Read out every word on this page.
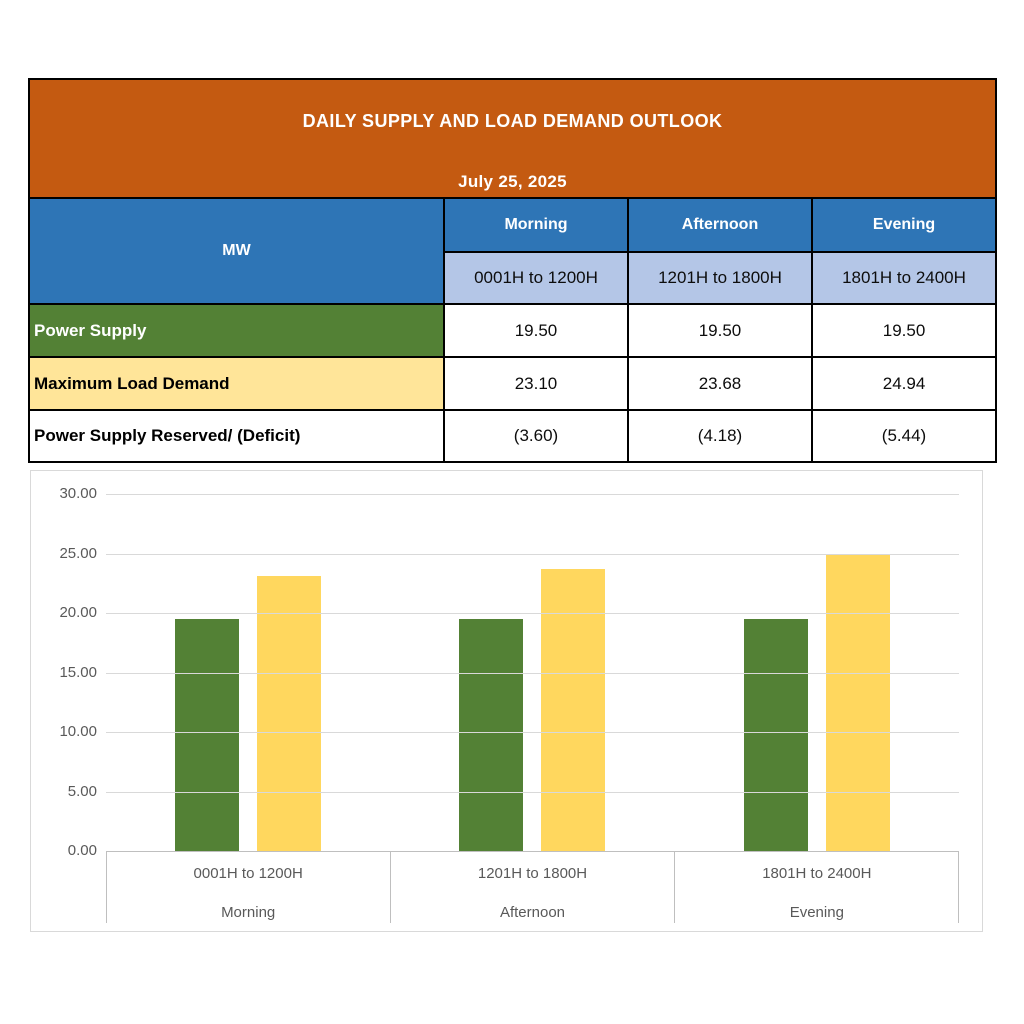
DAILY SUPPLY AND LOAD DEMAND OUTLOOK
July 25, 2025			

MW	Morning	Afternoon	Evening
	0001H to 1200H	1201H to 1800H	1801H to 2400H
Power Supply	19.50	19.50	19.50
Maximum Load Demand	23.10	23.68	24.94
Power Supply Reserved/ (Deficit)	(3.60)	(4.18)	(5.44)
0001H to 1200H
Morning
1201H to 1800H
Afternoon
1801H to 2400H
Evening
30.00
25.00
20.00
15.00
10.00
5.00
0.00
